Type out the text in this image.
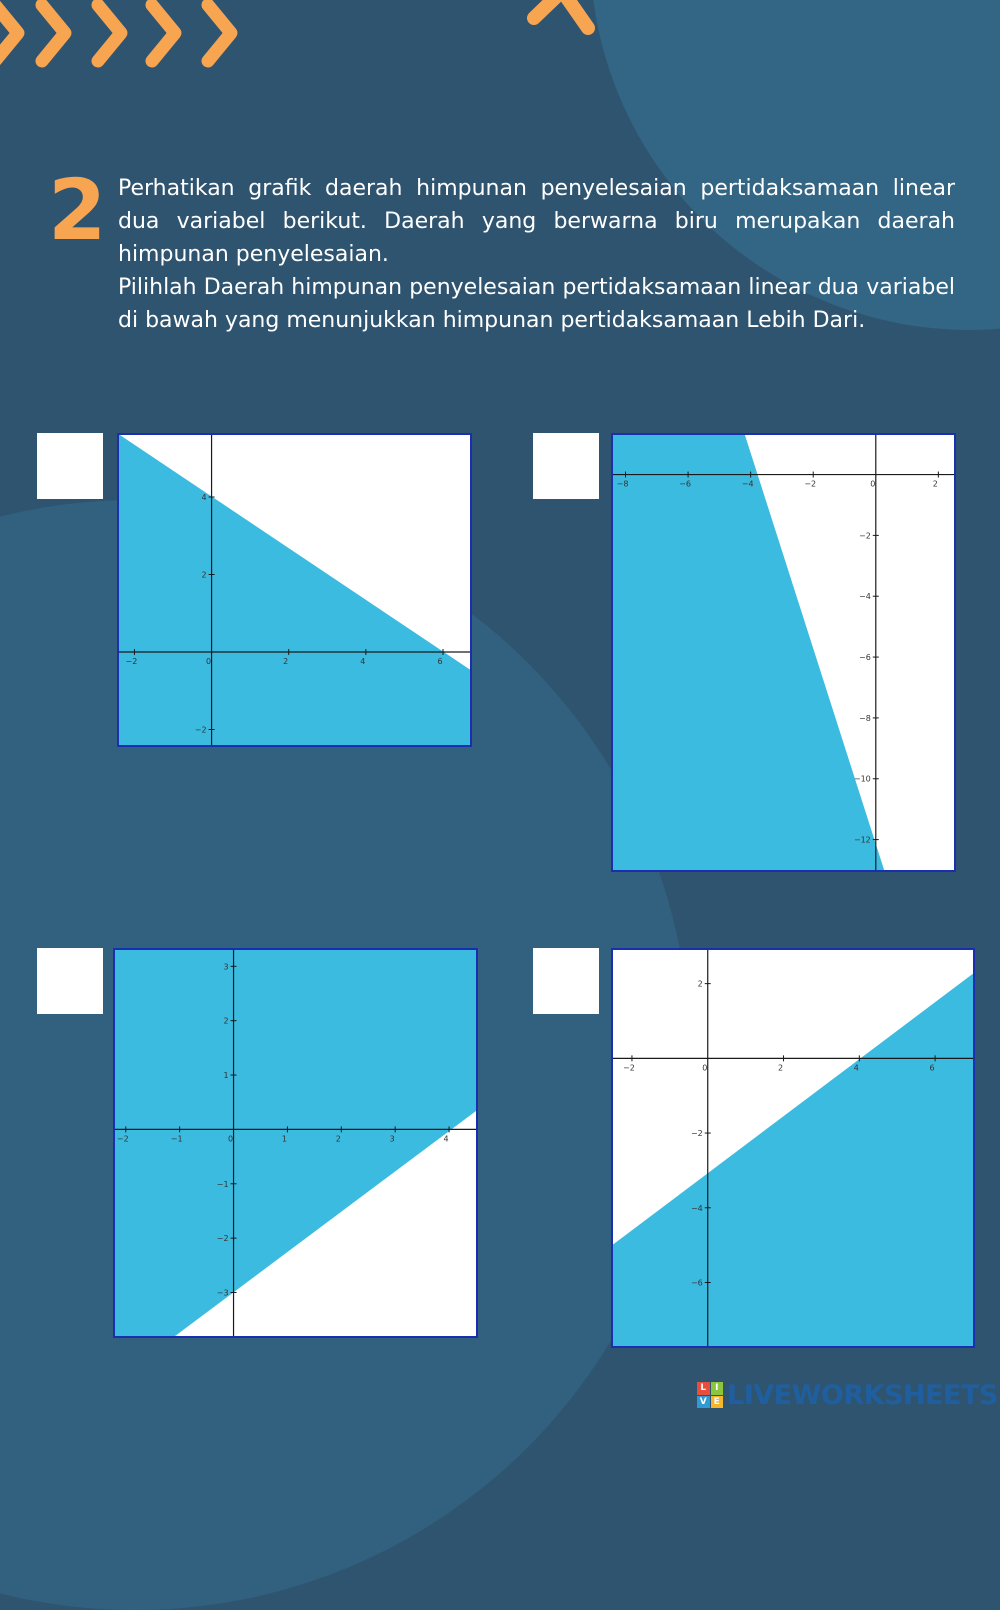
2 Perhatikan grafik daerah himpunan penyelesaian pertidaksamaan linear dua variabel berikut. Daerah yang berwarna biru merupakan daerah himpunan penyelesaian.

Pilihlah Daerah himpunan penyelesaian pertidaksamaan linear dua variabel di bawah yang menunjukkan himpunan pertidaksamaan Lebih Dari.

−2	0	2	4	6
−2
2
4
−8	−6	−4	−2	0	2
−2
−4
−6
−8
−10
−12
−2	−1	0	1	2	3	4
3
2
1
−1
−2
−3
−2	0	2	4	6
2
−2
−4
−6
L I
V E LIVEWORKSHEETS
